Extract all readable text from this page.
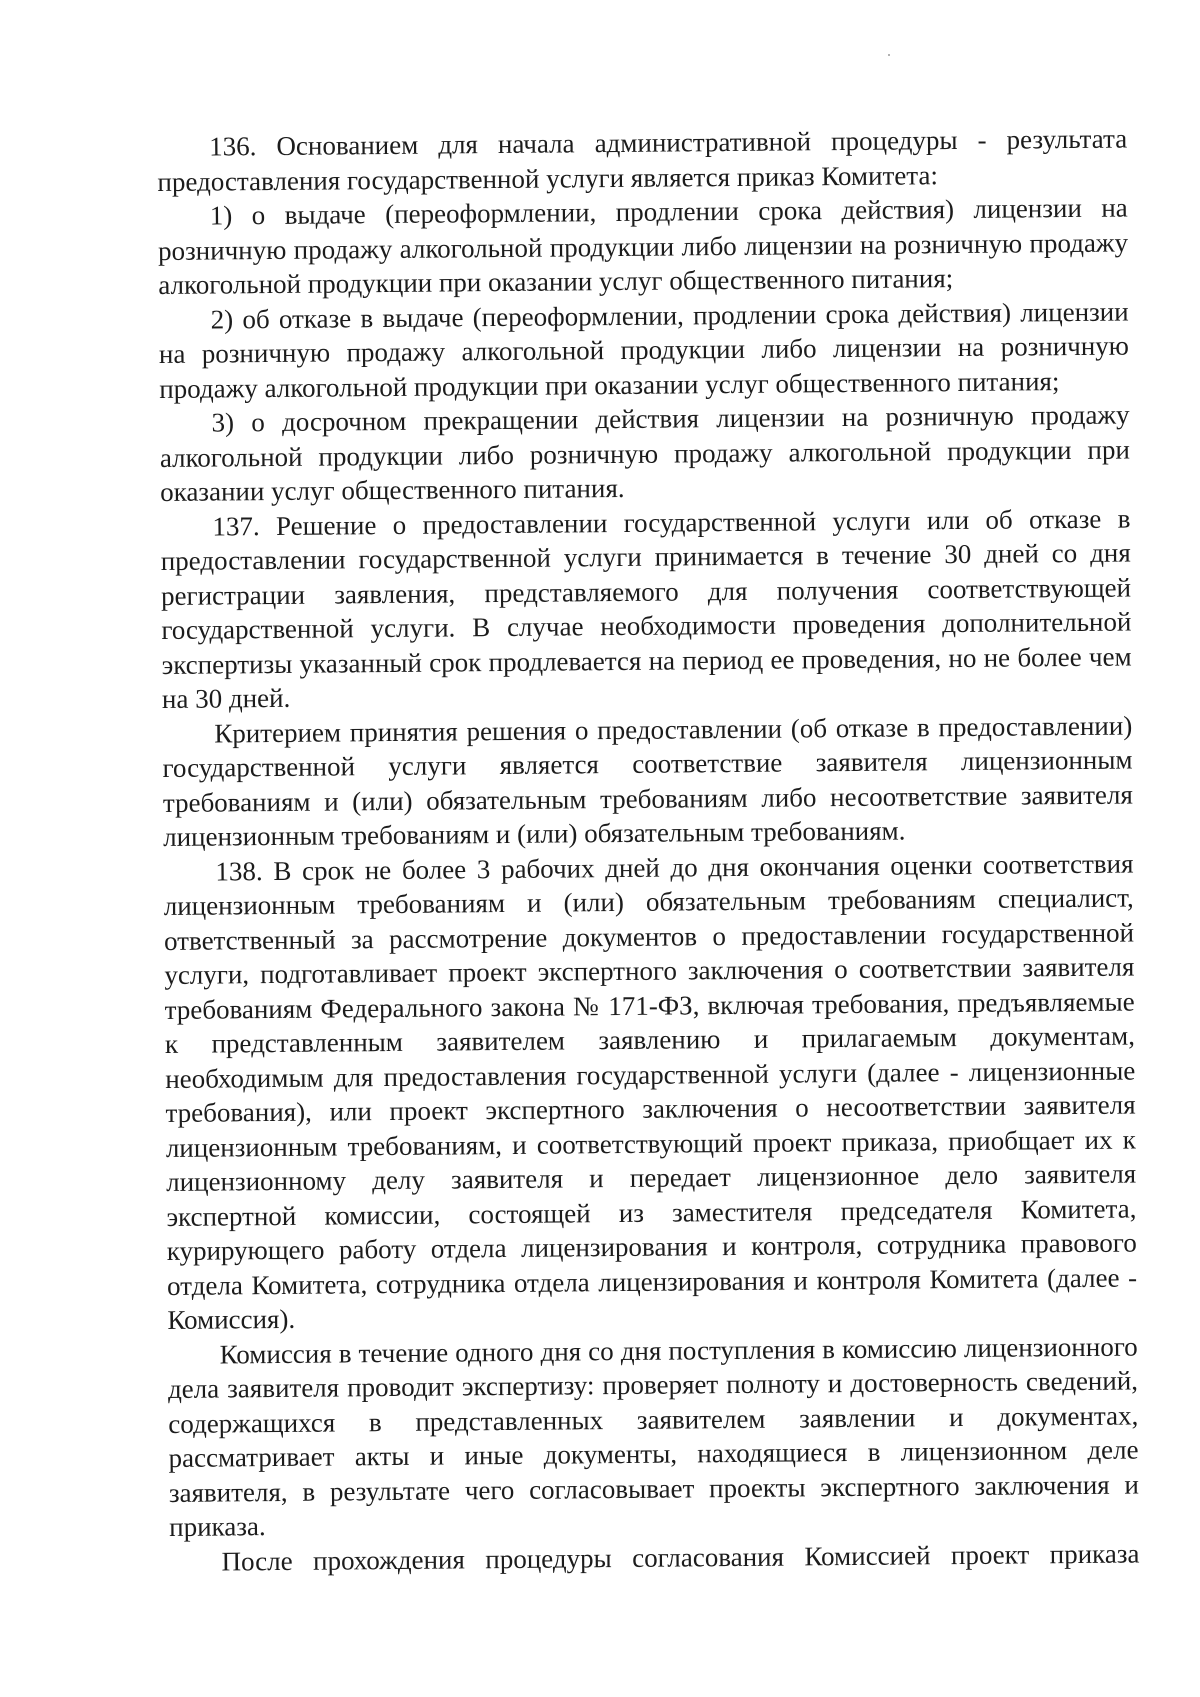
136. Основанием для начала административной процедуры - результата предоставления государственной услуги является приказ Комитета:

1) о выдаче (переоформлении, продлении срока действия) лицензии на розничную продажу алкогольной продукции либо лицензии на розничную продажу алкогольной продукции при оказании услуг общественного питания;

2) об отказе в выдаче (переоформлении, продлении срока действия) лицензии на розничную продажу алкогольной продукции либо лицензии на розничную продажу алкогольной продукции при оказании услуг общественного питания;

3) о досрочном прекращении действия лицензии на розничную продажу алкогольной продукции либо розничную продажу алкогольной продукции при оказании услуг общественного питания.

137. Решение о предоставлении государственной услуги или об отказе в предоставлении государственной услуги принимается в течение 30 дней со дня регистрации заявления, представляемого для получения соответствующей государственной услуги. В случае необходимости проведения дополнительной экспертизы указанный срок продлевается на период ее проведения, но не более чем на 30 дней.

Критерием принятия решения о предоставлении (об отказе в предоставлении) государственной услуги является соответствие заявителя лицензионным требованиям и (или) обязательным требованиям либо несоответствие заявителя лицензионным требованиям и (или) обязательным требованиям.

138. В срок не более 3 рабочих дней до дня окончания оценки соответствия лицензионным требованиям и (или) обязательным требованиям специалист, ответственный за рассмотрение документов о предоставлении государственной услуги, подготавливает проект экспертного заключения о соответствии заявителя требованиям Федерального закона № 171-ФЗ, включая требования, предъявляемые к представленным заявителем заявлению и прилагаемым документам, необходимым для предоставления государственной услуги (далее - лицензионные требования), или проект экспертного заключения о несоответствии заявителя лицензионным требованиям, и соответствующий проект приказа, приобщает их к лицензионному делу заявителя и передает лицензионное дело заявителя экспертной комиссии, состоящей из заместителя председателя Комитета, курирующего работу отдела лицензирования и контроля, сотрудника правового отдела Комитета, сотрудника отдела лицензирования и контроля Комитета (далее - Комиссия).

Комиссия в течение одного дня со дня поступления в комиссию лицензионного дела заявителя проводит экспертизу: проверяет полноту и достоверность сведений, содержащихся в представленных заявителем заявлении и документах, рассматривает акты и иные документы, находящиеся в лицензионном деле заявителя, в результате чего согласовывает проекты экспертного заключения и приказа.

После прохождения процедуры согласования Комиссией проект приказа
